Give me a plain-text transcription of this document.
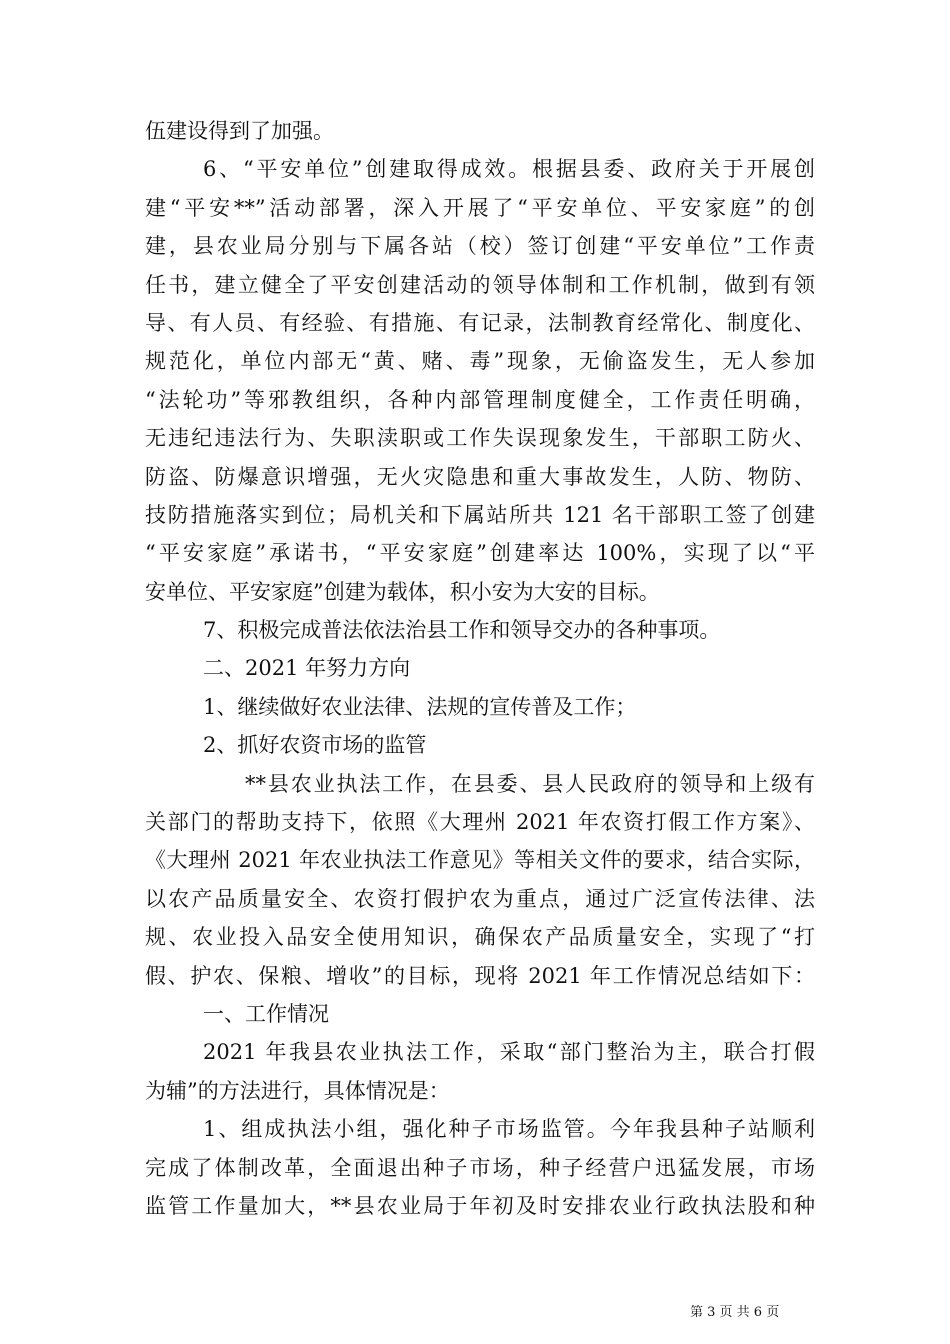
伍建设得到了加强。
6、“平安单位”创建取得成效。根据县委、政府关于开展创
建“平安**”活动部署，深入开展了“平安单位、平安家庭”的创
建，县农业局分别与下属各站（校）签订创建“平安单位”工作责
任书，建立健全了平安创建活动的领导体制和工作机制，做到有领
导、有人员、有经验、有措施、有记录，法制教育经常化、制度化、
规范化，单位内部无“黄、赌、毒”现象，无偷盗发生，无人参加
“法轮功”等邪教组织，各种内部管理制度健全，工作责任明确，
无违纪违法行为、失职渎职或工作失误现象发生，干部职工防火、
防盗、防爆意识增强，无火灾隐患和重大事故发生，人防、物防、
技防措施落实到位；局机关和下属站所共 121 名干部职工签了创建
“平安家庭”承诺书，“平安家庭”创建率达 100%，实现了以“平
安单位、平安家庭”创建为载体，积小安为大安的目标。
7、积极完成普法依法治县工作和领导交办的各种事项。
二、2021 年努力方向
1、继续做好农业法律、法规的宣传普及工作；
2、抓好农资市场的监管
**县农业执法工作，在县委、县人民政府的领导和上级有
关部门的帮助支持下，依照《大理州 2021 年农资打假工作方案》、
《大理州 2021 年农业执法工作意见》等相关文件的要求，结合实际，
以农产品质量安全、农资打假护农为重点，通过广泛宣传法律、法
规、农业投入品安全使用知识，确保农产品质量安全，实现了“打
假、护农、保粮、增收”的目标，现将 2021 年工作情况总结如下：
一、工作情况
2021 年我县农业执法工作，采取“部门整治为主，联合打假
为辅”的方法进行，具体情况是：
1、组成执法小组，强化种子市场监管。今年我县种子站顺利
完成了体制改革，全面退出种子市场，种子经营户迅猛发展，市场
监管工作量加大，**县农业局于年初及时安排农业行政执法股和种
第 3 页 共 6 页
